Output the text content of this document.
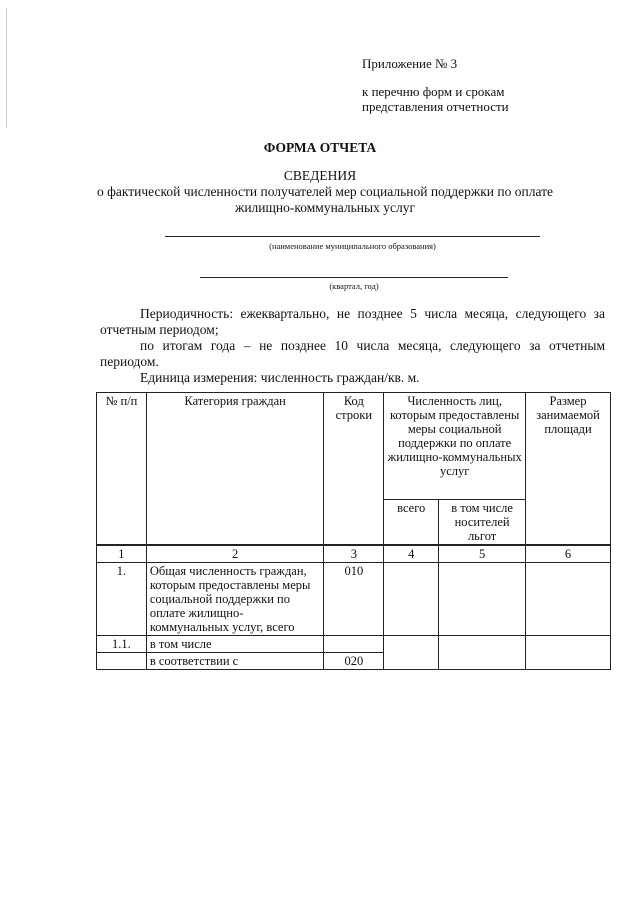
Приложение № 3
к перечню форм и срокам
представления отчетности
ФОРМА ОТЧЕТА
СВЕДЕНИЯ
о фактической численности получателей мер социальной поддержки по оплате жилищно-коммунальных услуг
(наименование муниципального образования)
(квартал, год)
Периодичность: ежеквартально, не позднее 5 числа месяца, следующего за отчетным периодом;
по итогам года – не позднее 10 числа месяца, следующего за отчетным периодом.
Единица измерения: численность граждан/кв. м.
№ п/п	Категория граждан	Код строки	Численность лиц, которым предоставлены меры социальной поддержки по оплате жилищно-коммунальных услуг		Размер занимаемой площади
			всего	в том числе носителей льгот	
1	2	3	4	5	6
1.	Общая численность граждан, которым предоставлены меры социальной поддержки по оплате жилищно-коммунальных услуг, всего	010			
1.1.	в том числе				
	в соответствии с	020			
